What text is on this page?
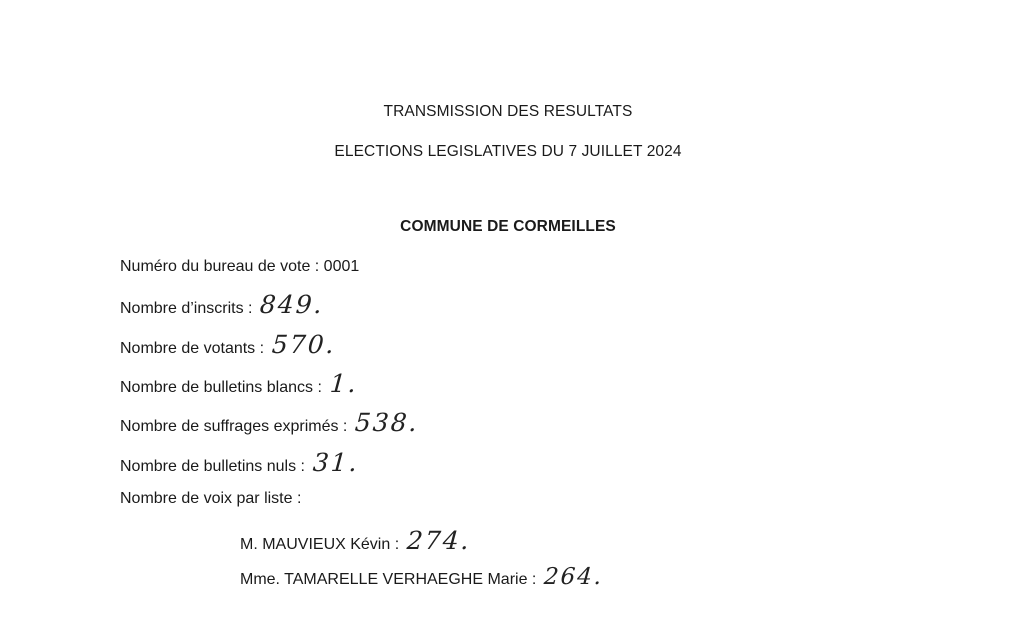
TRANSMISSION DES RESULTATS
ELECTIONS LEGISLATIVES DU 7 JUILLET 2024
COMMUNE DE CORMEILLES
Numéro du bureau de vote : 0001
Nombre d’inscrits : 849.
Nombre de votants : 570.
Nombre de bulletins blancs : 1.
Nombre de suffrages exprimés : 538.
Nombre de bulletins nuls : 31.
Nombre de voix par liste :
M. MAUVIEUX Kévin : 274.
Mme. TAMARELLE VERHAEGHE Marie : 264.
